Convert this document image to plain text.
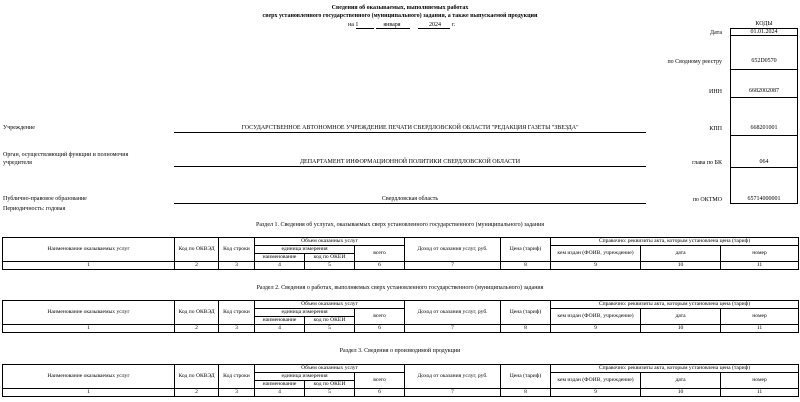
Сведения об оказываемых, выполняемых работах
сверх установленного государственного (муниципального) задания, а также выпускаемой продукции
на 1	января	2024	г.	КОДЫ
01.01.2024
Дата
652D0570
по Сводному реестру
6682002087
ИНН
668201001
КПП
064
глава по БК
65714000001
по ОКТМО
Учреждение	ГОСУДАРСТВЕННОЕ АВТОНОМНОЕ УЧРЕЖДЕНИЕ ПЕЧАТИ СВЕРДЛОВСКОЙ ОБЛАСТИ "РЕДАКЦИЯ ГАЗЕТЫ "ЗВЕЗДА"
Орган, осуществляющий функции и полномочия
учредителя	ДЕПАРТАМЕНТ ИНФОРМАЦИОННОЙ ПОЛИТИКИ СВЕРДЛОВСКОЙ ОБЛАСТИ
Публично-правовое образование	Свердловская область
Периодичность: годовая
Раздел 1. Сведения об услугах, оказываемых сверх установленного государственного (муниципального) задания
Наименование оказываемых услуг	Код по ОКВЭД	Код строки	Объем оказанных услуг			Доход от оказания услуг, руб.	Цена (тариф)	Справочно: реквизиты акта, которым установлена цена (тариф)		
			единица измерения		всего			кем издан (ФОИВ, учреждение)	дата	номер
			наименование	код по ОКЕИ						
1	2	3	4	5	6	7	8	9	10	11
Раздел 2. Сведения о работах, выполняемых сверх установленного государственного (муниципального) задания
Наименование оказываемых услуг	Код по ОКВЭД	Код строки	Объем оказанных услуг			Доход от оказания услуг, руб.	Цена (тариф)	Справочно: реквизиты акта, которым установлена цена (тариф)		
			единица измерения		всего			кем издан (ФОИВ, учреждение)	дата	номер
			наименование	код по ОКЕИ						
1	2	3	4	5	6	7	8	9	10	11
Раздел 3. Сведения о производимой продукции
Наименование оказываемых услуг	Код по ОКВЭД	Код строки	Объем оказанных услуг			Доход от оказания услуг, руб.	Цена (тариф)	Справочно: реквизиты акта, которым установлена цена (тариф)		
			единица измерения		всего			кем издан (ФОИВ, учреждение)	дата	номер
			наименование	код по ОКЕИ						
1	2	3	4	5	6	7	8	9	10	11
